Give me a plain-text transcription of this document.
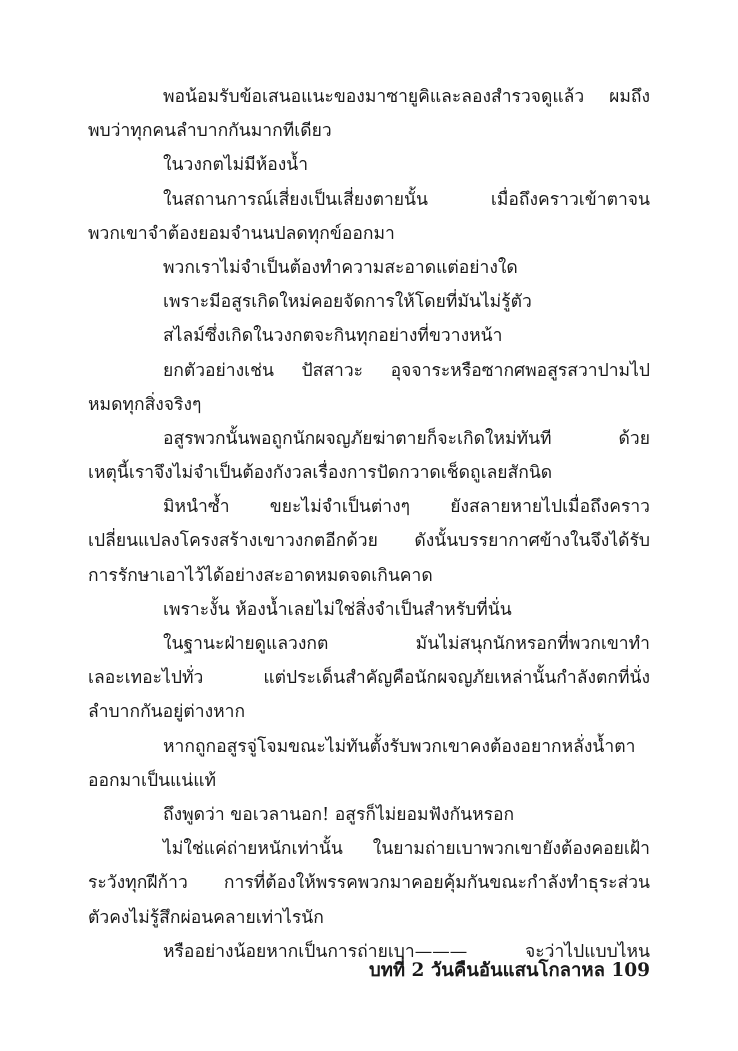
พอน้อมรับข้อเสนอแนะของมาซายูคิและลองสำรวจดูแล้ว ผมถึง
พบว่าทุกคนลำบากกันมากทีเดียว
ในวงกตไม่มีห้องน้ำ
ในสถานการณ์เสี่ยงเป็นเสี่ยงตายนั้น เมื่อถึงคราวเข้าตาจน
พวกเขาจำต้องยอมจำนนปลดทุกข์ออกมา
พวกเราไม่จำเป็นต้องทำความสะอาดแต่อย่างใด
เพราะมีอสูรเกิดใหม่คอยจัดการให้โดยที่มันไม่รู้ตัว
สไลม์ซึ่งเกิดในวงกตจะกินทุกอย่างที่ขวางหน้า
ยกตัวอย่างเช่น ปัสสาวะ อุจจาระหรือซากศพอสูรสวาปามไป
หมดทุกสิ่งจริงๆ
อสูรพวกนั้นพอถูกนักผจญภัยฆ่าตายก็จะเกิดใหม่ทันที ด้วย
เหตุนี้เราจึงไม่จำเป็นต้องกังวลเรื่องการปัดกวาดเช็ดถูเลยสักนิด
มิหนำซ้ำ ขยะไม่จำเป็นต่างๆ ยังสลายหายไปเมื่อถึงคราว
เปลี่ยนแปลงโครงสร้างเขาวงกตอีกด้วย ดังนั้นบรรยากาศข้างในจึงได้รับ
การรักษาเอาไว้ได้อย่างสะอาดหมดจดเกินคาด
เพราะงั้น ห้องน้ำเลยไม่ใช่สิ่งจำเป็นสำหรับที่นั่น
ในฐานะฝ่ายดูแลวงกต มันไม่สนุกนักหรอกที่พวกเขาทำ
เลอะเทอะไปทั่ว แต่ประเด็นสำคัญคือนักผจญภัยเหล่านั้นกำลังตกที่นั่ง
ลำบากกันอยู่ต่างหาก
หากถูกอสูรจู่โจมขณะไม่ทันตั้งรับพวกเขาคงต้องอยากหลั่งน้ำตา
ออกมาเป็นแน่แท้
ถึงพูดว่า ขอเวลานอก! อสูรก็ไม่ยอมฟังกันหรอก
ไม่ใช่แค่ถ่ายหนักเท่านั้น ในยามถ่ายเบาพวกเขายังต้องคอยเฝ้า
ระวังทุกฝีก้าว การที่ต้องให้พรรคพวกมาคอยคุ้มกันขณะกำลังทำธุระส่วน
ตัวคงไม่รู้สึกผ่อนคลายเท่าไรนัก
หรืออย่างน้อยหากเป็นการถ่ายเบา——— จะว่าไปแบบไหน
บทที่ 2 วันคืนอันแสนโกลาหล 109
